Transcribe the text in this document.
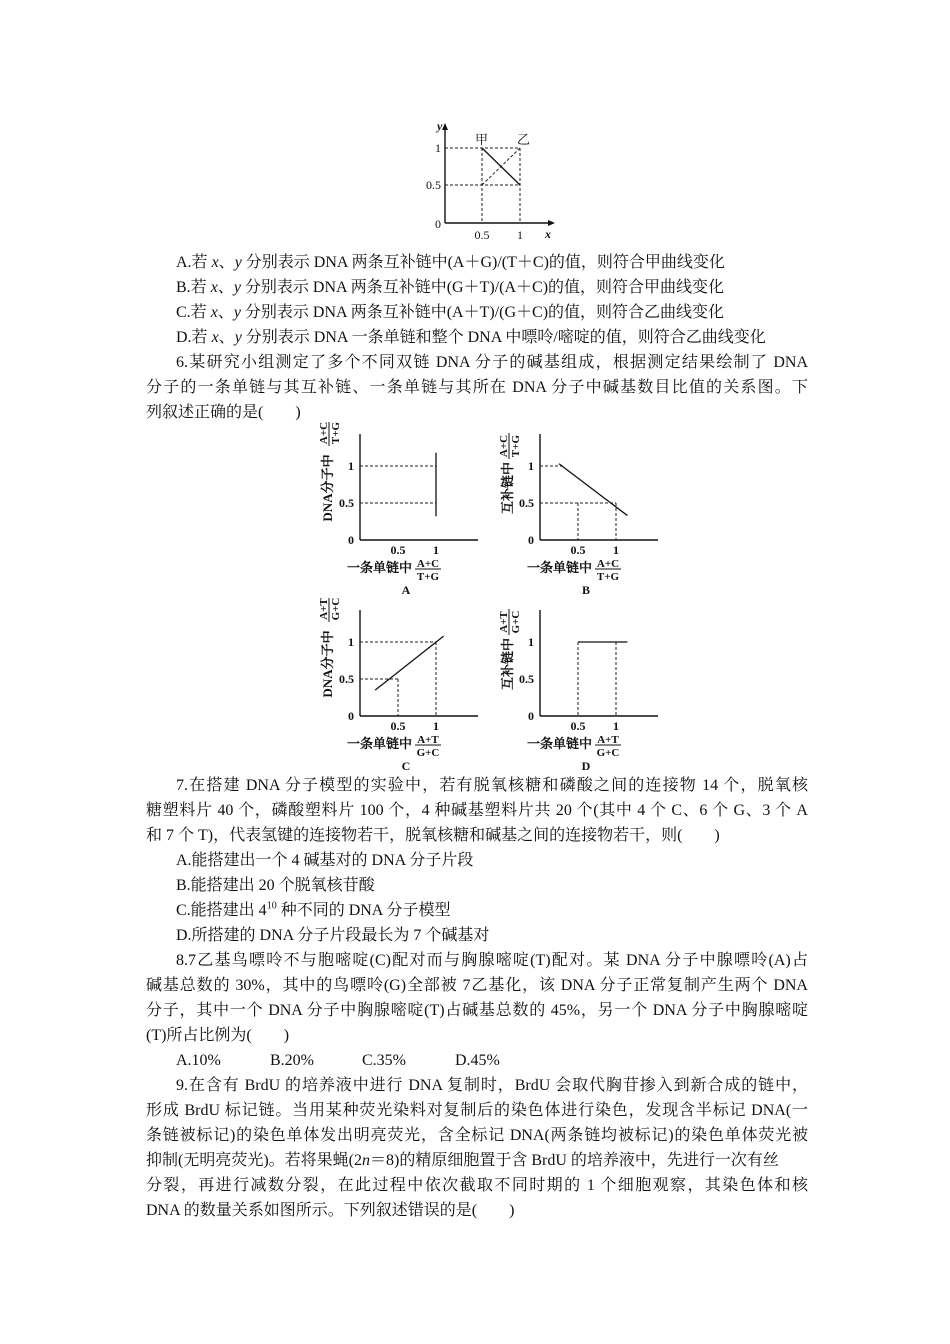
y
x
甲 乙
1
0.5
0
0.5 1
A.若 x、y 分别表示 DNA 两条互补链中(A＋G)/(T＋C)的值，则符合甲曲线变化
B.若 x、y 分别表示 DNA 两条互补链中(G＋T)/(A＋C)的值，则符合甲曲线变化
C.若 x、y 分别表示 DNA 两条互补链中(A＋T)/(G＋C)的值，则符合乙曲线变化
D.若 x、y 分别表示 DNA 一条单链和整个 DNA 中嘌呤/嘧啶的值，则符合乙曲线变化
6.某研究小组测定了多个不同双链 DNA 分子的碱基组成，根据测定结果绘制了 DNA
分子的一条单链与其互补链、一条单链与其所在 DNA 分子中碱基数目比值的关系图。下
列叙述正确的是(　　)
1
0.5
0
0.5 1
DNA分子中
A+C T+G
一条单链中 A+C
T+G
A
1
0.5
0
0.5 1
互补链中
A+C T+G
一条单链中 A+C
T+G
B
1
0.5
0
0.5 1
DNA分子中
A+T G+C
一条单链中 A+T
G+C
C
1
0.5
0
0.5 1
互补链中
A+T G+C
一条单链中 A+T
G+C
D
7.在搭建 DNA 分子模型的实验中，若有脱氧核糖和磷酸之间的连接物 14 个，脱氧核
糖塑料片 40 个，磷酸塑料片 100 个，4 种碱基塑料片共 20 个(其中 4 个 C、6 个 G、3 个 A
和 7 个 T)，代表氢键的连接物若干，脱氧核糖和碱基之间的连接物若干，则(　　)
A.能搭建出一个 4 碱基对的 DNA 分子片段
B.能搭建出 20 个脱氧核苷酸
C.能搭建出 $4^{10}$ 种不同的 DNA 分子模型
D.所搭建的 DNA 分子片段最长为 7 个碱基对
8.7乙基鸟嘌呤不与胞嘧啶(C)配对而与胸腺嘧啶(T)配对。某 DNA 分子中腺嘌呤(A)占
碱基总数的 30%，其中的鸟嘌呤(G)全部被 7乙基化，该 DNA 分子正常复制产生两个 DNA
分子，其中一个 DNA 分子中胸腺嘧啶(T)占碱基总数的 45%，另一个 DNA 分子中胸腺嘧啶
(T)所占比例为(　　)
A.10%	B.20%	C.35%	D.45%
9.在含有 BrdU 的培养液中进行 DNA 复制时，BrdU 会取代胸苷掺入到新合成的链中，
形成 BrdU 标记链。当用某种荧光染料对复制后的染色体进行染色，发现含半标记 DNA(一
条链被标记)的染色单体发出明亮荧光，含全标记 DNA(两条链均被标记)的染色单体荧光被
抑制(无明亮荧光)。若将果蝇(2n＝8)的精原细胞置于含 BrdU 的培养液中，先进行一次有丝
分裂，再进行减数分裂，在此过程中依次截取不同时期的 1 个细胞观察，其染色体和核
DNA 的数量关系如图所示。下列叙述错误的是(　　)
